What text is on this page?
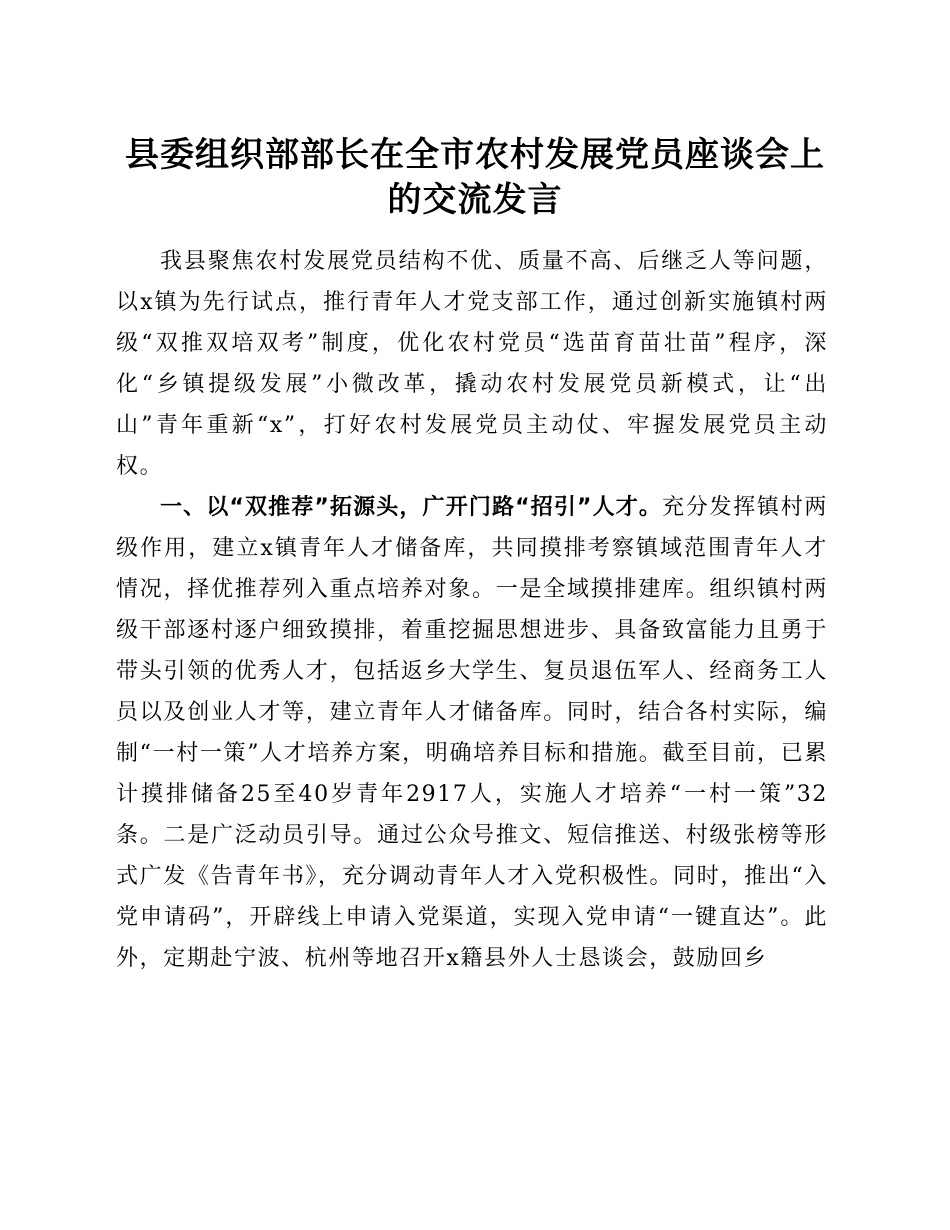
县委组织部部长在全市农村发展党员座谈会上
的交流发言

我县聚焦农村发展党员结构不优、质量不高、后继乏人等问题，以x镇为先行试点，推行青年人才党支部工作，通过创新实施镇村两级“双推双培双考”制度，优化农村党员“选苗育苗壮苗”程序，深化“乡镇提级发展”小微改革，撬动农村发展党员新模式，让“出山”青年重新“x”，打好农村发展党员主动仗、牢握发展党员主动权。

一、以“双推荐”拓源头，广开门路“招引”人才。充分发挥镇村两级作用，建立x镇青年人才储备库，共同摸排考察镇域范围青年人才情况，择优推荐列入重点培养对象。一是全域摸排建库。组织镇村两级干部逐村逐户细致摸排，着重挖掘思想进步、具备致富能力且勇于带头引领的优秀人才，包括返乡大学生、复员退伍军人、经商务工人员以及创业人才等，建立青年人才储备库。同时，结合各村实际，编制“一村一策”人才培养方案，明确培养目标和措施。截至目前，已累计摸排储备25至40岁青年2917人，实施人才培养“一村一策”32条。二是广泛动员引导。通过公众号推文、短信推送、村级张榜等形式广发《告青年书》，充分调动青年人才入党积极性。同时，推出“入党申请码”，开辟线上申请入党渠道，实现入党申请“一键直达”。此外，定期赴宁波、杭州等地召开x籍县外人士恳谈会，鼓励回乡
